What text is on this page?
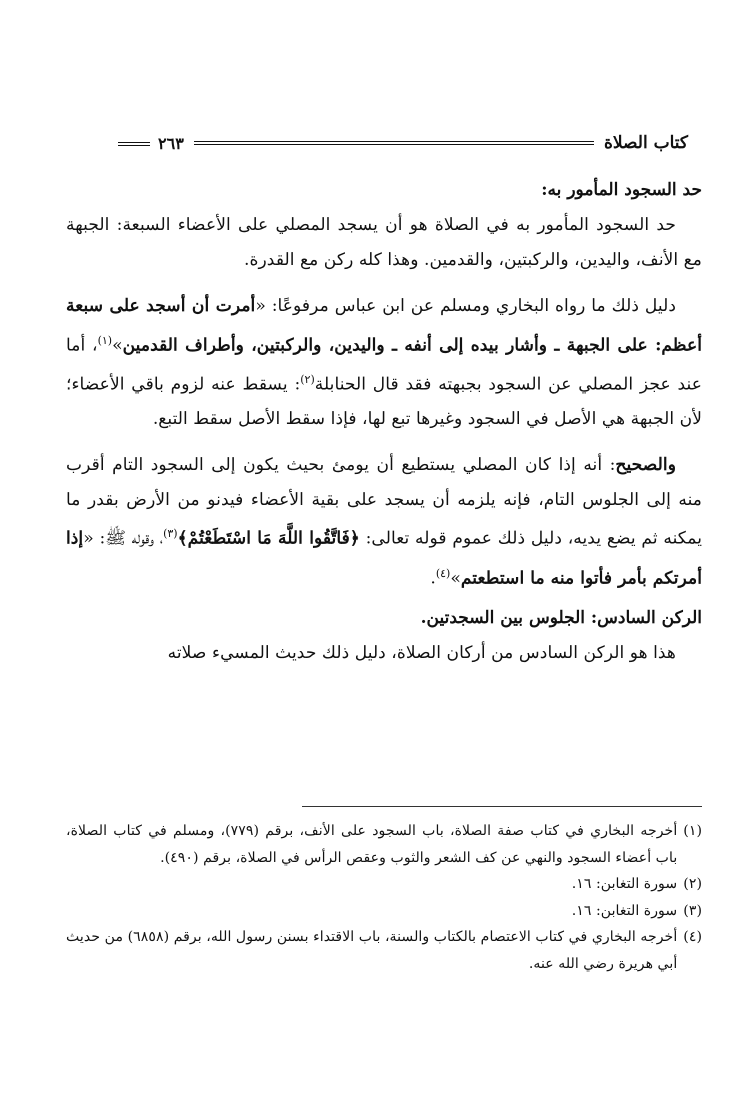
كتاب الصلاة
٢٦٣
حد السجود المأمور به:

حد السجود المأمور به في الصلاة هو أن يسجد المصلي على الأعضاء السبعة: الجبهة مع الأنف، واليدين، والركبتين، والقدمين. وهذا كله ركن مع القدرة.

دليل ذلك ما رواه البخاري ومسلم عن ابن عباس مرفوعًا: «أمرت أن أسجد على سبعة أعظم: على الجبهة ـ وأشار بيده إلى أنفه ـ واليدين، والركبتين، وأطراف القدمين»$^{(١)}$، أما عند عجز المصلي عن السجود بجبهته فقد قال الحنابلة$^{(٢)}$: يسقط عنه لزوم باقي الأعضاء؛ لأن الجبهة هي الأصل في السجود وغيرها تبع لها، فإذا سقط الأصل سقط التبع.

والصحيح: أنه إذا كان المصلي يستطيع أن يومئ بحيث يكون إلى السجود التام أقرب منه إلى الجلوس التام، فإنه يلزمه أن يسجد على بقية الأعضاء فيدنو من الأرض بقدر ما يمكنه ثم يضع يديه، دليل ذلك عموم قوله تعالى: ﴿فَاتَّقُوا اللَّهَ مَا اسْتَطَعْتُمْ﴾$^{(٣)}$، وقوله ﷺ: «إذا أمرتكم بأمر فأتوا منه ما استطعتم»$^{(٤)}$.

الركن السادس: الجلوس بين السجدتين.

هذا هو الركن السادس من أركان الصلاة، دليل ذلك حديث المسيء صلاته

(١)
أخرجه البخاري في كتاب صفة الصلاة، باب السجود على الأنف، برقم (٧٧٩)، ومسلم في كتاب الصلاة، باب أعضاء السجود والنهي عن كف الشعر والثوب وعقص الرأس في الصلاة، برقم (٤٩٠).
(٢)
سورة التغابن: ١٦.
(٣)
سورة التغابن: ١٦.
(٤)
أخرجه البخاري في كتاب الاعتصام بالكتاب والسنة، باب الاقتداء بسنن رسول الله، برقم (٦٨٥٨) من حديث أبي هريرة رضي الله عنه.
